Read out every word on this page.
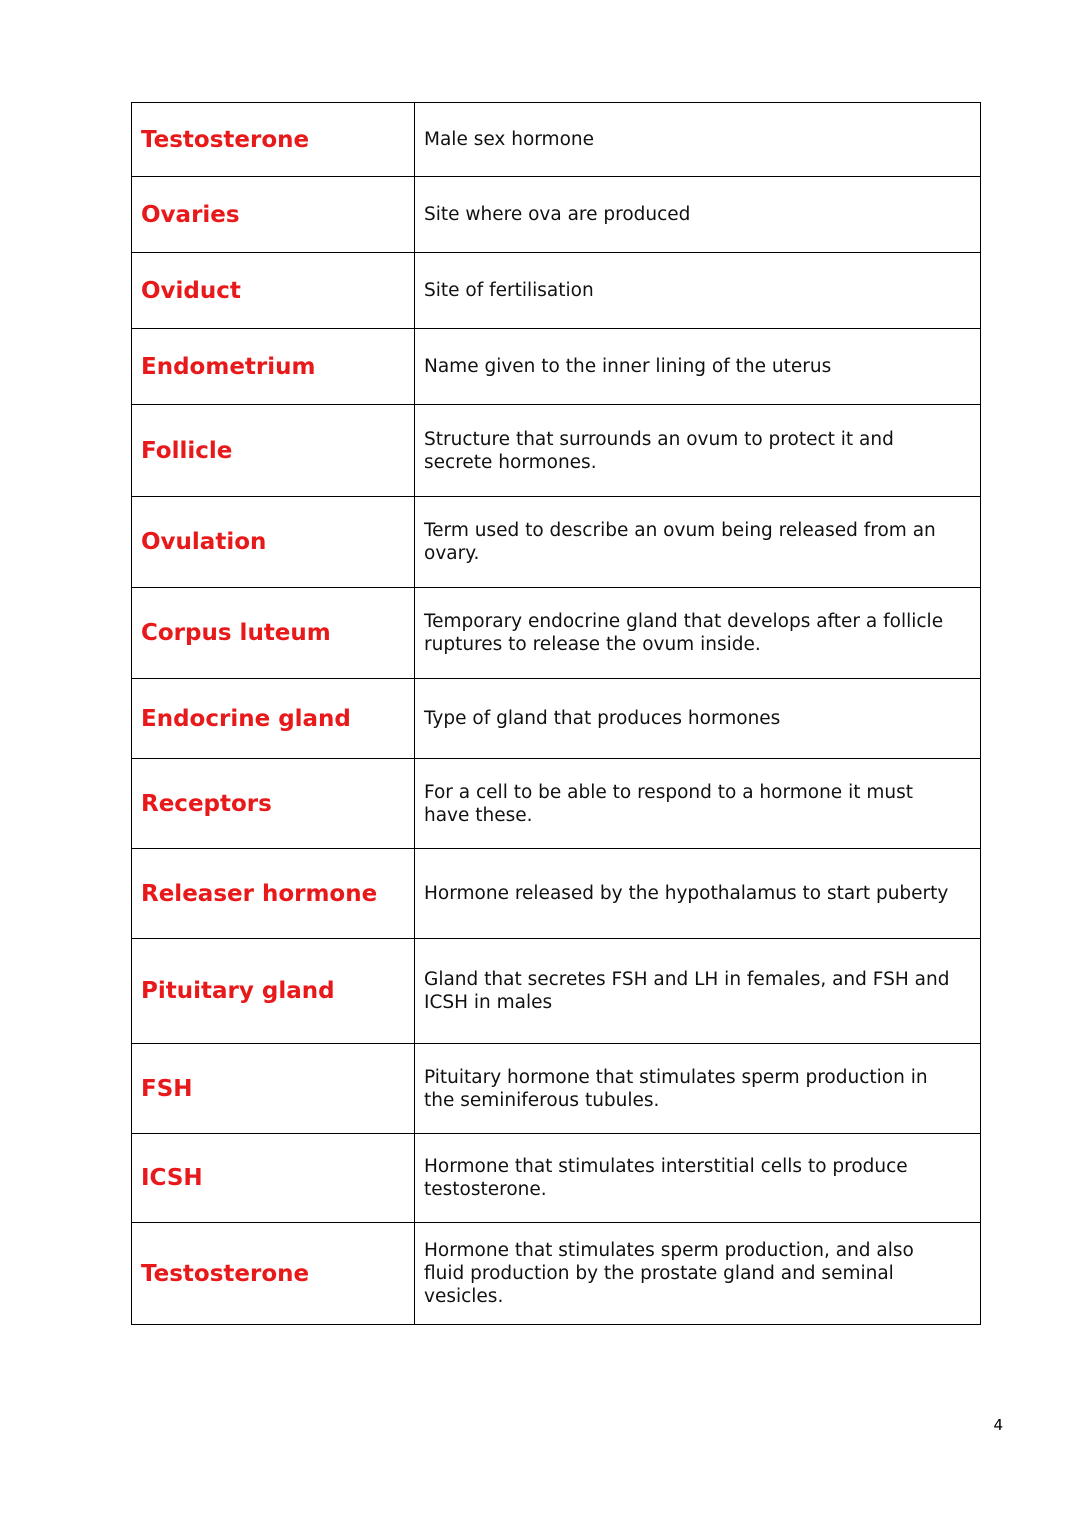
Testosterone	Male sex hormone
Ovaries	Site where ova are produced
Oviduct	Site of fertilisation
Endometrium	Name given to the inner lining of the uterus
Follicle	Structure that surrounds an ovum to protect it and secrete hormones.
Ovulation	Term used to describe an ovum being released from an ovary.
Corpus luteum	Temporary endocrine gland that develops after a follicle ruptures to release the ovum inside.
Endocrine gland	Type of gland that produces hormones
Receptors	For a cell to be able to respond to a hormone it must have these.
Releaser hormone	Hormone released by the hypothalamus to start puberty
Pituitary gland	Gland that secretes FSH and LH in females, and FSH and ICSH in males
FSH	Pituitary hormone that stimulates sperm production in the seminiferous tubules.
ICSH	Hormone that stimulates interstitial cells to produce testosterone.
Testosterone	Hormone that stimulates sperm production, and also fluid production by the prostate gland and seminal vesicles.
4
